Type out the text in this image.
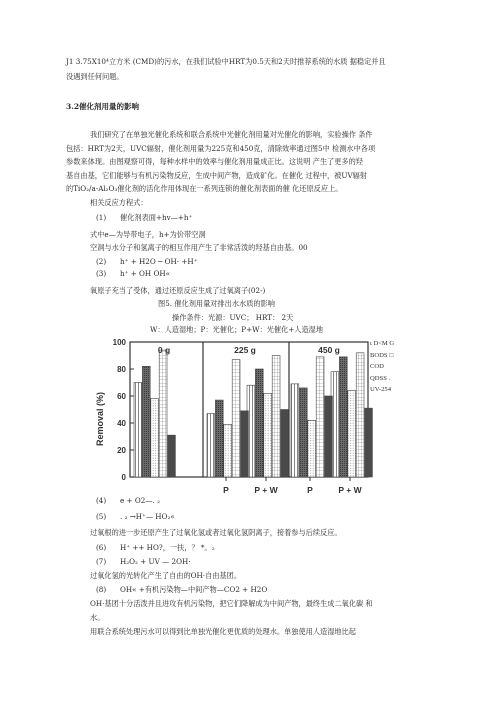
J1 3.75X10⁴立方米 (CMD)的污水，在我们试验中HRT为0.5天和2天时推荐系统的水质 据稳定并且
没遇到任何问题。
3.2催化剂用量的影响
我们研究了在单独光催化系统和联合系统中光催化剂用量对光催化的影响，实验操作 条件
包括：HRT为2天，UVC辐射，催化剂用量为225克和450克，清除效率通过图5中 检测水中各项
参数来体现。由图观察可得，每种水样中的效率与催化剂用量成正比。这说明 产生了更多的羟
基自由基，它们能够与有机污染物反应，生成中间产物，造成矿化。在催化 过程中，被UV辐射
的TiO₂/a-Al₂O₃催化剂的活化作用体现在一系列连锁的催化剂表面的催 化还原反应上。
相关反应方程式：
(1) 催化剂表面+hv—+h⁺
式中e—为导带电子，h+为价带空洞
空洞与水分子和氢离子的相互作用产生了非常活泼的羟基自由基。00
(2) h⁺ + H2O ─ OH· +H⁺
(3) h⁺ + OH OH«
氧原子充当了受体，通过还原反应生成了过氧离子(02-)
图5. 催化剂用量对排出水水质的影响
操作条件：光源：UVC； HRT： 2天
W：人造湿地；P：光催化；P+W：光催化+人造湿地
Removal (%)
0
20
40
60
80
100
0 g	225 g	450 g
P	P + W	P	P + W
ι D<M G
BODS □
COD
QDSS .
UV-254
(4) e + O2—. ₂
(5) . ₂ →H⁺— HO₂«
过氧根的进一步还原产生了过氧化氢或者过氧化氢阴离子，接着参与后续反应。
(6) H⁺ ++ HO?，一扶，？ *。₂
(7) H₂O₂ + UV — 2OH·
过氧化氢的光转化产生了自由的OH·自由基团。
(8) OH« +有机污染物—中间产物—CO2 + H2O
OH·基团十分活泼并且进攻有机污染物，把它们降解成为中间产物，最终生成二氧化碳 和
水。
用联合系统处理污水可以得到比单独光催化更优质的处理水。单独使用人造湿地比起
